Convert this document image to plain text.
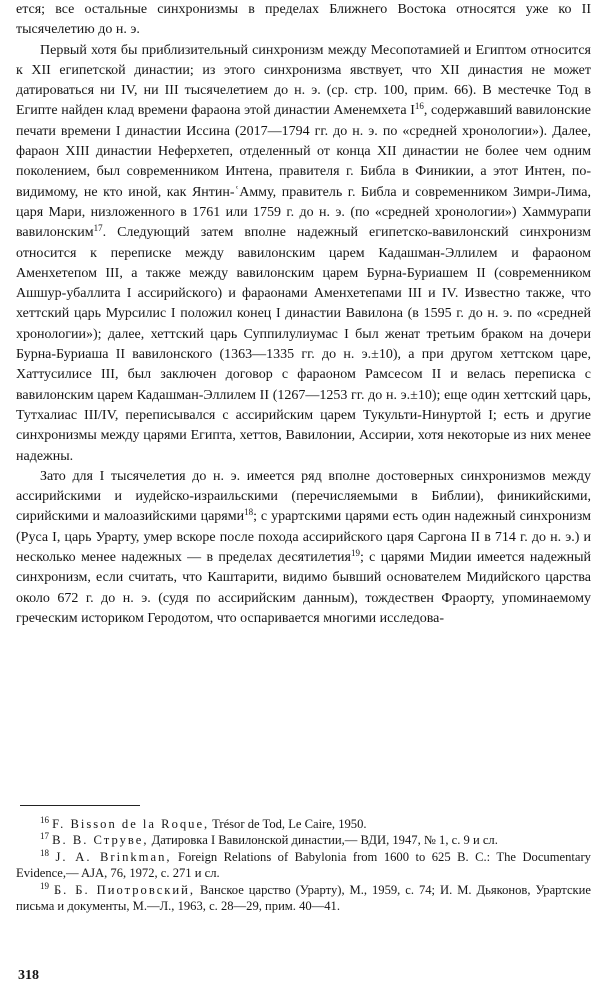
ется; все остальные синхронизмы в пределах Ближнего Востока относятся уже ко II тысячелетию до н. э.

Первый хотя бы приблизительный синхронизм между Месопотамией и Египтом относится к XII египетской династии; из этого синхронизма явствует, что XII династия не может датироваться ни IV, ни III тысячелетием до н. э. (ср. стр. 100, прим. 66). В местечке Тод в Египте найден клад времени фараона этой династии Аменемхета $I^{16}$, содержавший вавилонские печати времени I династии Иссина (2017—1794 гг. до н. э. по «средней хронологии»). Далее, фараон XIII династии Неферхетеп, отделенный от конца XII династии не более чем одним поколением, был современником Интена, правителя г. Библа в Финикии, а этот Интен, по-видимому, не кто иной, как Янтин-ʿАмму, правитель г. Библа и современником Зимри-Лима, царя Мари, низложенного в 1761 или 1759 г. до н. э. (по «средней хронологии») Хаммурапи вавилонским$^{17}$. Следующий затем вполне надежный египетско-вавилонский синхронизм относится к переписке между вавилонским царем Кадашман-Эллилем и фараоном Аменхетепом III, а также между вавилонским царем Бурна-Буриашем II (современником Ашшур-убаллита I ассирийского) и фараонами Аменхетепами III и IV. Известно также, что хеттский царь Мурсилис I положил конец I династии Вавилона (в 1595 г. до н. э. по «средней хронологии»); далее, хеттский царь Суппилулиумас I был женат третьим браком на дочери Бурна-Буриаша II вавилонского (1363—1335 гг. до н. э.±10), а при другом хеттском царе, Хаттусилисе III, был заключен договор с фараоном Рамсесом II и велась переписка с вавилонским царем Кадашман-Эллилем II (1267—1253 гг. до н. э.±10); еще один хеттский царь, Тутхалиас III/IV, переписывался с ассирийским царем Тукульти-Нинуртой I; есть и другие синхронизмы между царями Египта, хеттов, Вавилонии, Ассирии, хотя некоторые из них менее надежны.

Зато для I тысячелетия до н. э. имеется ряд вполне достоверных синхронизмов между ассирийскими и иудейско-израильскими (перечисляемыми в Библии), финикийскими, сирийскими и малоазийскими царями$^{18}$; с урартскими царями есть один надежный синхронизм (Руса I, царь Урарту, умер вскоре после похода ассирийского царя Саргона II в 714 г. до н. э.) и несколько менее надежных — в пределах десятилетия$^{19}$; с царями Мидии имеется надежный синхронизм, если считать, что Каштарити, видимо бывший основателем Мидийского царства около 672 г. до н. э. (судя по ассирийским данным), тождествен Фраорту, упоминаемому греческим историком Геродотом, что оспаривается многими исследова-

$^{16}$ F. Bisson de la Roque, Trésor de Tod, Le Caire, 1950.

$^{17}$ В. В. Струве, Датировка I Вавилонской династии,— ВДИ, 1947, № 1, с. 9 и сл.

$^{18}$ J. A. Brinkman, Foreign Relations of Babylonia from 1600 to 625 B. C.: The Documentary Evidence,— AJA, 76, 1972, с. 271 и сл.

$^{19}$ Б. Б. Пиотровский, Ванское царство (Урарту), М., 1959, с. 74; И. М. Дьяконов, Урартские письма и документы, М.—Л., 1963, с. 28—29, прим. 40—41.

318
